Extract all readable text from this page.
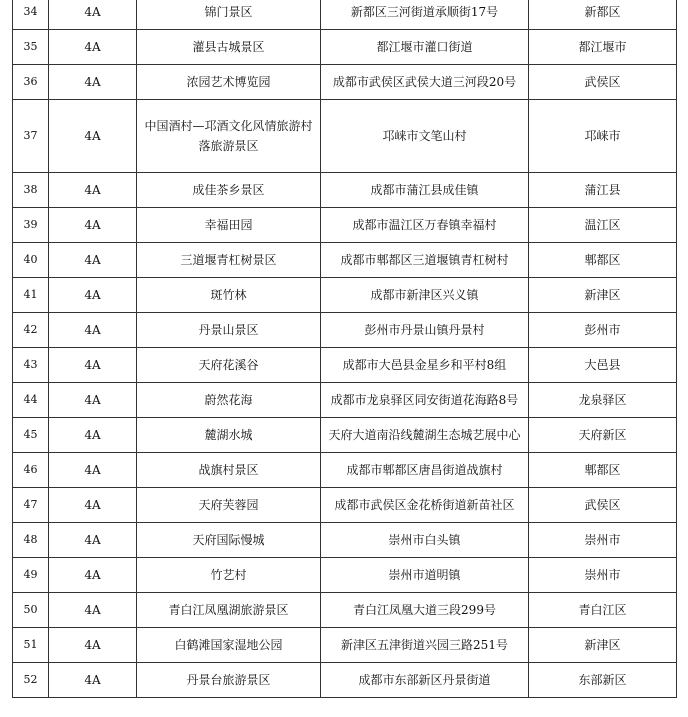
34	4A	锦门景区	新都区三河街道承顺街17号	新都区
35	4A	灌县古城景区	都江堰市灌口街道	都江堰市
36	4A	浓园艺术博览园	成都市武侯区武侯大道三河段20号	武侯区
37	4A	中国酒村—邛酒文化风情旅游村落旅游景区	邛崃市文笔山村	邛崃市
38	4A	成佳茶乡景区	成都市蒲江县成佳镇	蒲江县
39	4A	幸福田园	成都市温江区万春镇幸福村	温江区
40	4A	三道堰青杠树景区	成都市郫都区三道堰镇青杠树村	郫都区
41	4A	斑竹林	成都市新津区兴义镇	新津区
42	4A	丹景山景区	彭州市丹景山镇丹景村	彭州市
43	4A	天府花溪谷	成都市大邑县金星乡和平村8组	大邑县
44	4A	蔚然花海	成都市龙泉驿区同安街道花海路8号	龙泉驿区
45	4A	麓湖水城	天府大道南沿线麓湖生态城艺展中心	天府新区
46	4A	战旗村景区	成都市郫都区唐昌街道战旗村	郫都区
47	4A	天府芙蓉园	成都市武侯区金花桥街道新苗社区	武侯区
48	4A	天府国际慢城	崇州市白头镇	崇州市
49	4A	竹艺村	崇州市道明镇	崇州市
50	4A	青白江凤凰湖旅游景区	青白江凤凰大道三段299号	青白江区
51	4A	白鹤滩国家湿地公园	新津区五津街道兴园三路251号	新津区
52	4A	丹景台旅游景区	成都市东部新区丹景街道	东部新区
